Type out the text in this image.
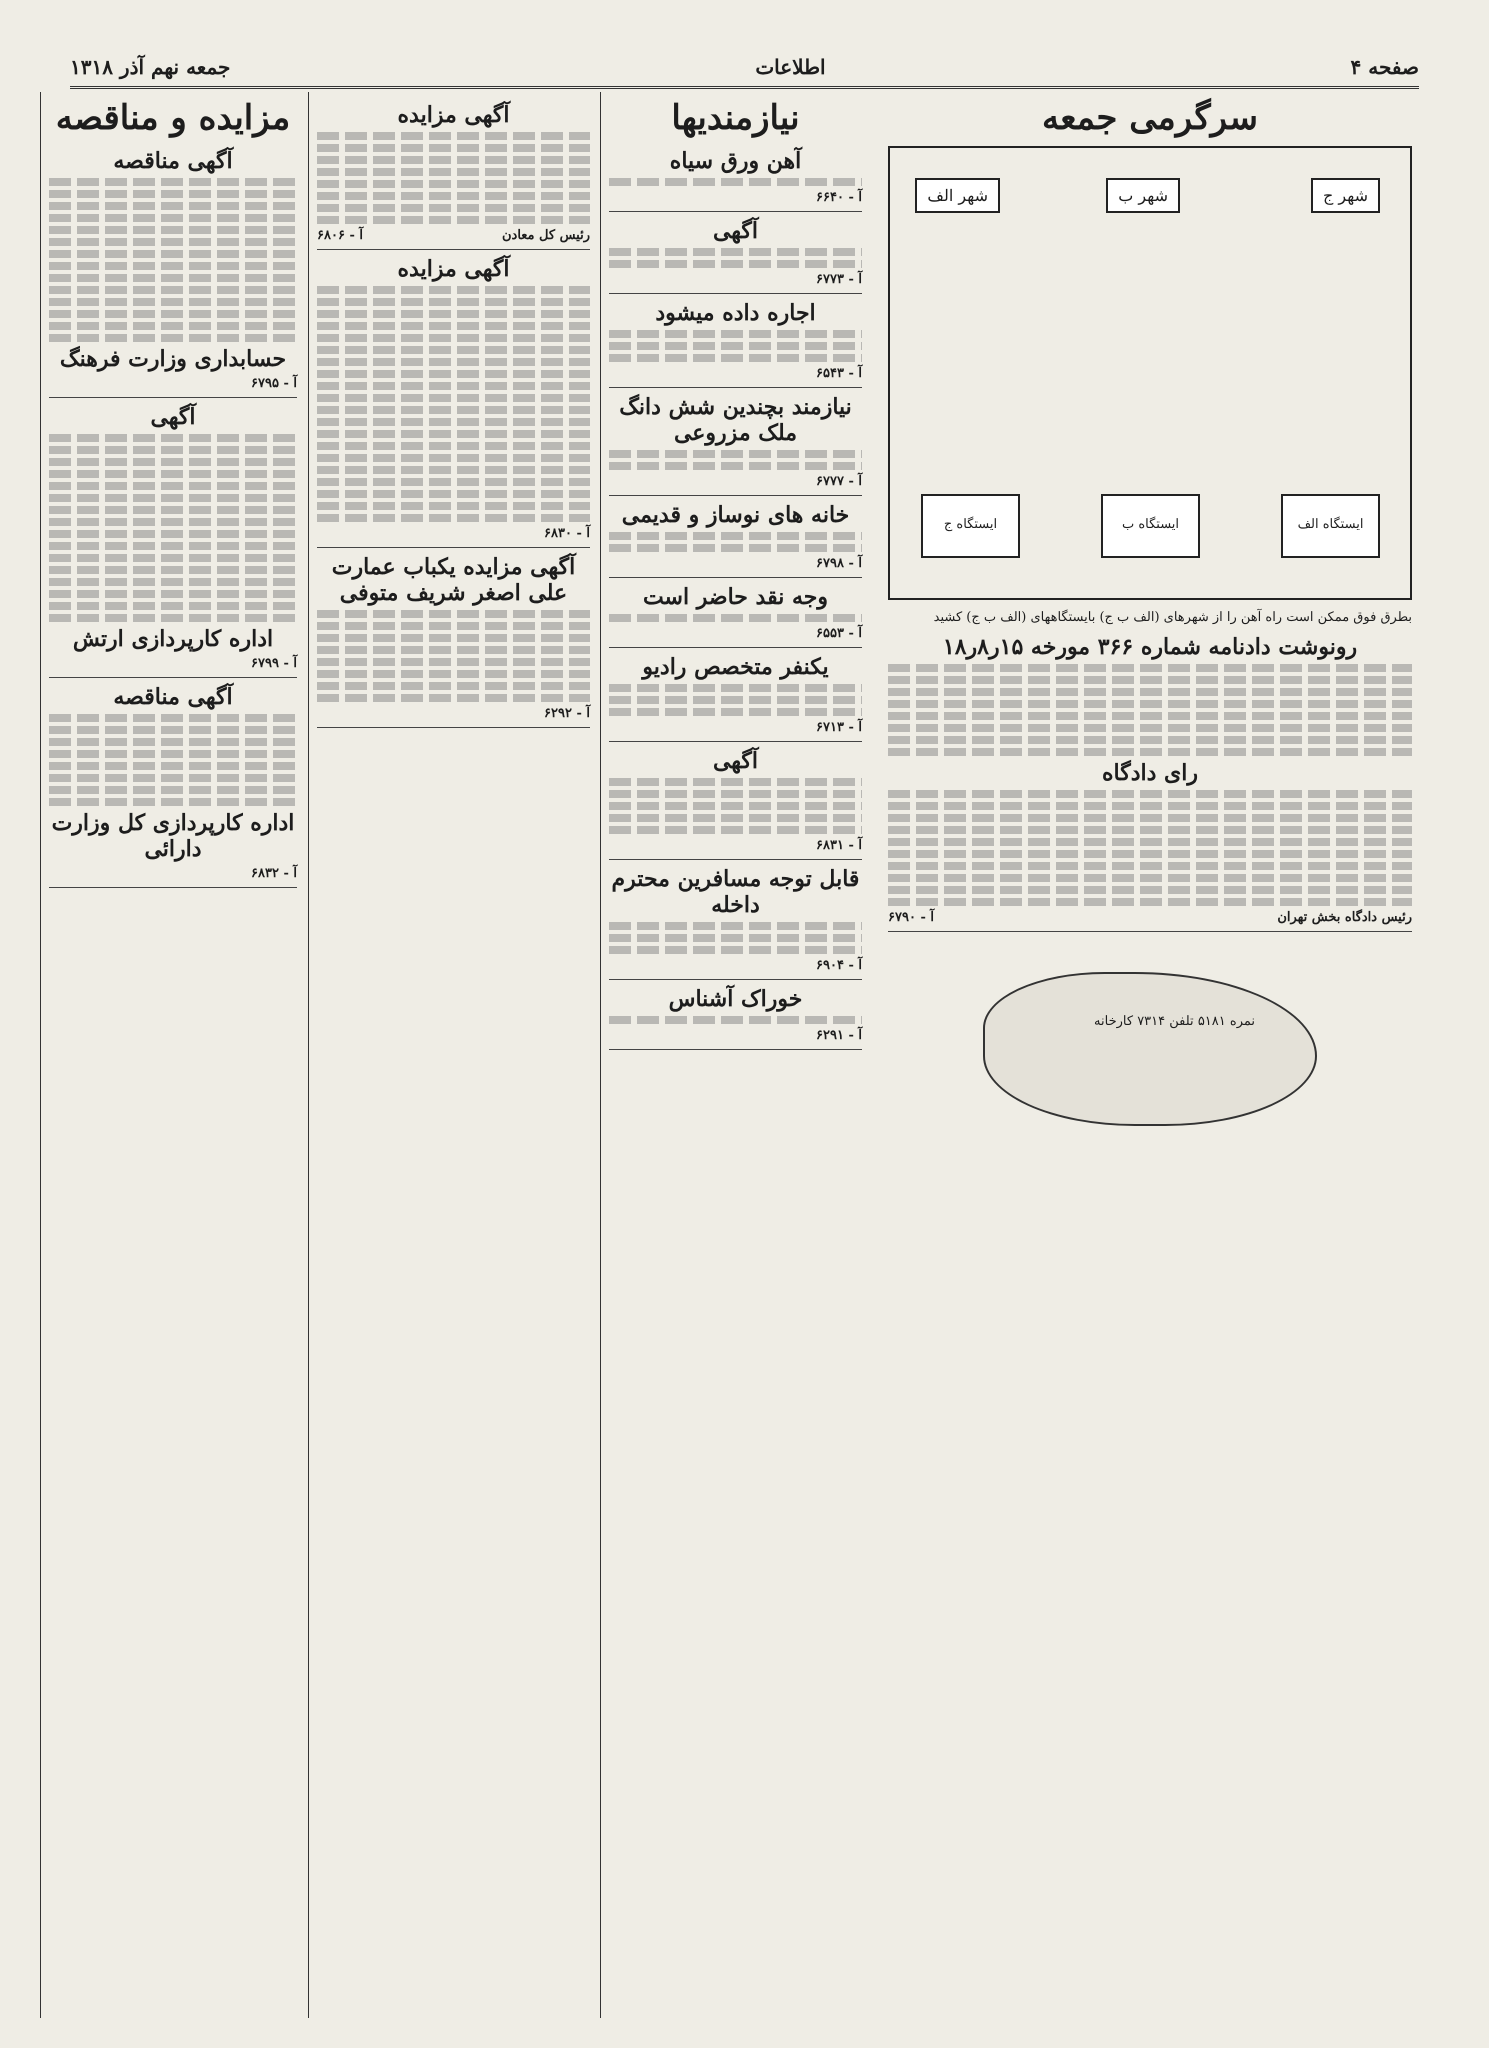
صفحه ۴
اطلاعات
جمعه نهم آذر ۱۳۱۸
سرگرمی جمعه
شهر ج
شهر ب
شهر الف
ایستگاه الف
ایستگاه ب
ایستگاه ج
بطرق فوق ممکن است راه آهن را از شهرهای (الف ب ج) بایستگاههای (الف ب ج) کشید
رونوشت دادنامه شماره ۳۶۶ مورخه ۱۵ر۸ر۱۸
رای دادگاه
رئیس دادگاه بخش تهران
آ - ۶۷۹۰
نمره ۵۱۸۱ تلفن ۷۳۱۴ کارخانه
نیازمندیها
آهن ورق سیاه
آ - ۶۶۴۰
آگهی
آ - ۶۷۷۳
اجاره داده میشود
آ - ۶۵۴۳
نیازمند بچندین شش دانگ ملک مزروعی
آ - ۶۷۷۷
خانه های نوساز و قدیمی
آ - ۶۷۹۸
وجه نقد حاضر است
آ - ۶۵۵۳
یکنفر متخصص رادیو
آ - ۶۷۱۳
آگهی
آ - ۶۸۳۱
قابل توجه مسافرین محترم داخله
آ - ۶۹۰۴
خوراک آشناس
آ - ۶۲۹۱
آگهی مزایده
رئیس کل معادن
آ - ۶۸۰۶
آگهی مزایده
آ - ۶۸۳۰
آگهی مزایده یکباب عمارت علی اصغر شریف متوفی
آ - ۶۲۹۲
مزایده و مناقصه
آگهی مناقصه
حسابداری وزارت فرهنگ
آ - ۶۷۹۵
آگهی
اداره کارپردازی ارتش
آ - ۶۷۹۹
آگهی مناقصه
اداره کارپردازی کل وزارت دارائی
آ - ۶۸۳۲
